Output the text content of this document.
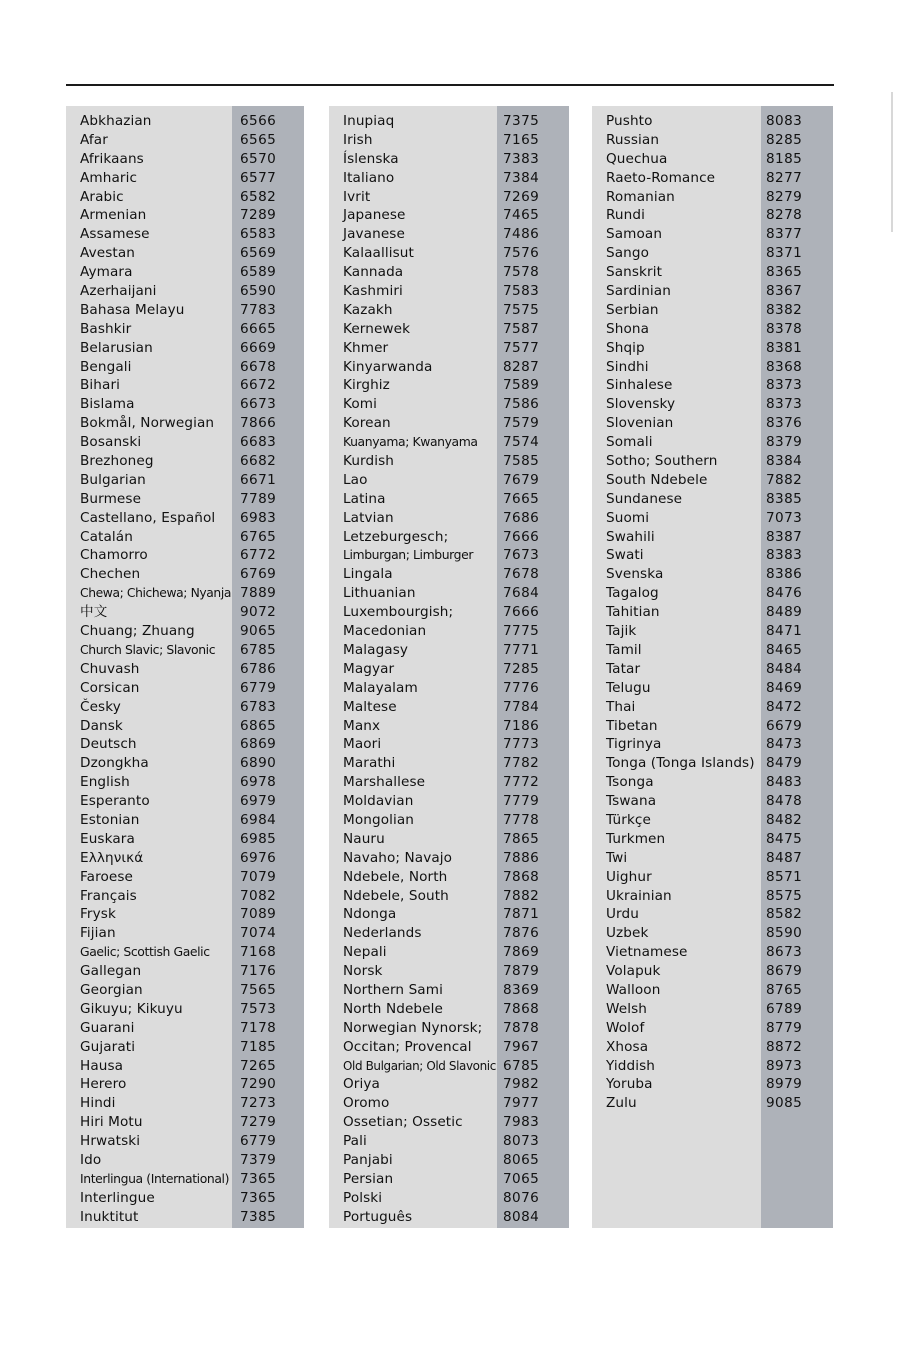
Abkhazian	6566
Afar	6565
Afrikaans	6570
Amharic	6577
Arabic	6582
Armenian	7289
Assamese	6583
Avestan	6569
Aymara	6589
Azerhaijani	6590
Bahasa Melayu	7783
Bashkir	6665
Belarusian	6669
Bengali	6678
Bihari	6672
Bislama	6673
Bokmål, Norwegian 7866
Bosanski	6683
Brezhoneg	6682
Bulgarian	6671
Burmese	7789
Castellano, Español 6983
Catalán	6765
Chamorro	6772
Chechen	6769
Chewa; Chichewa; Nyanja 7889
中文	9072
Chuang; Zhuang	9065
Church Slavic; Slavonic 6785
Chuvash	6786
Corsican	6779
Česky	6783
Dansk	6865
Deutsch	6869
Dzongkha	6890
English	6978
Esperanto	6979
Estonian	6984
Euskara	6985
Ελληνικά	6976
Faroese	7079
Français	7082
Frysk	7089
Fijian	7074
Gaelic; Scottish Gaelic 7168
Gallegan	7176
Georgian	7565
Gikuyu; Kikuyu	7573
Guarani	7178
Gujarati	7185
Hausa	7265
Herero	7290
Hindi	7273
Hiri Motu	7279
Hrwatski	6779
Ido	7379
Interlingua (International) 7365
Interlingue	7365
Inuktitut	7385
Inupiaq	7375
Irish	7165
Íslenska	7383
Italiano	7384
Ivrit	7269
Japanese	7465
Javanese	7486
Kalaallisut	7576
Kannada	7578
Kashmiri	7583
Kazakh	7575
Kernewek	7587
Khmer	7577
Kinyarwanda	8287
Kirghiz	7589
Komi	7586
Korean	7579
Kuanyama; Kwanyama 7574
Kurdish	7585
Lao	7679
Latina	7665
Latvian	7686
Letzeburgesch;	7666
Limburgan; Limburger 7673
Lingala	7678
Lithuanian	7684
Luxembourgish;	7666
Macedonian	7775
Malagasy	7771
Magyar	7285
Malayalam	7776
Maltese	7784
Manx	7186
Maori	7773
Marathi	7782
Marshallese	7772
Moldavian	7779
Mongolian	7778
Nauru	7865
Navaho; Navajo	7886
Ndebele, North	7868
Ndebele, South	7882
Ndonga	7871
Nederlands	7876
Nepali	7869
Norsk	7879
Northern Sami	8369
North Ndebele	7868
Norwegian Nynorsk; 7878
Occitan; Provencal 7967
Old Bulgarian; Old Slavonic 6785
Oriya	7982
Oromo	7977
Ossetian; Ossetic	7983
Pali	8073
Panjabi	8065
Persian	7065
Polski	8076
Português	8084
Pushto	8083
Russian	8285
Quechua	8185
Raeto-Romance	8277
Romanian	8279
Rundi	8278
Samoan	8377
Sango	8371
Sanskrit	8365
Sardinian	8367
Serbian	8382
Shona	8378
Shqip	8381
Sindhi	8368
Sinhalese	8373
Slovensky	8373
Slovenian	8376
Somali	8379
Sotho; Southern	8384
South Ndebele	7882
Sundanese	8385
Suomi	7073
Swahili	8387
Swati	8383
Svenska	8386
Tagalog	8476
Tahitian	8489
Tajik	8471
Tamil	8465
Tatar	8484
Telugu	8469
Thai	8472
Tibetan	6679
Tigrinya	8473
Tonga (Tonga Islands) 8479
Tsonga	8483
Tswana	8478
Türkçe	8482
Turkmen	8475
Twi	8487
Uighur	8571
Ukrainian	8575
Urdu	8582
Uzbek	8590
Vietnamese	8673
Volapuk	8679
Walloon	8765
Welsh	6789
Wolof	8779
Xhosa	8872
Yiddish	8973
Yoruba	8979
Zulu	9085
